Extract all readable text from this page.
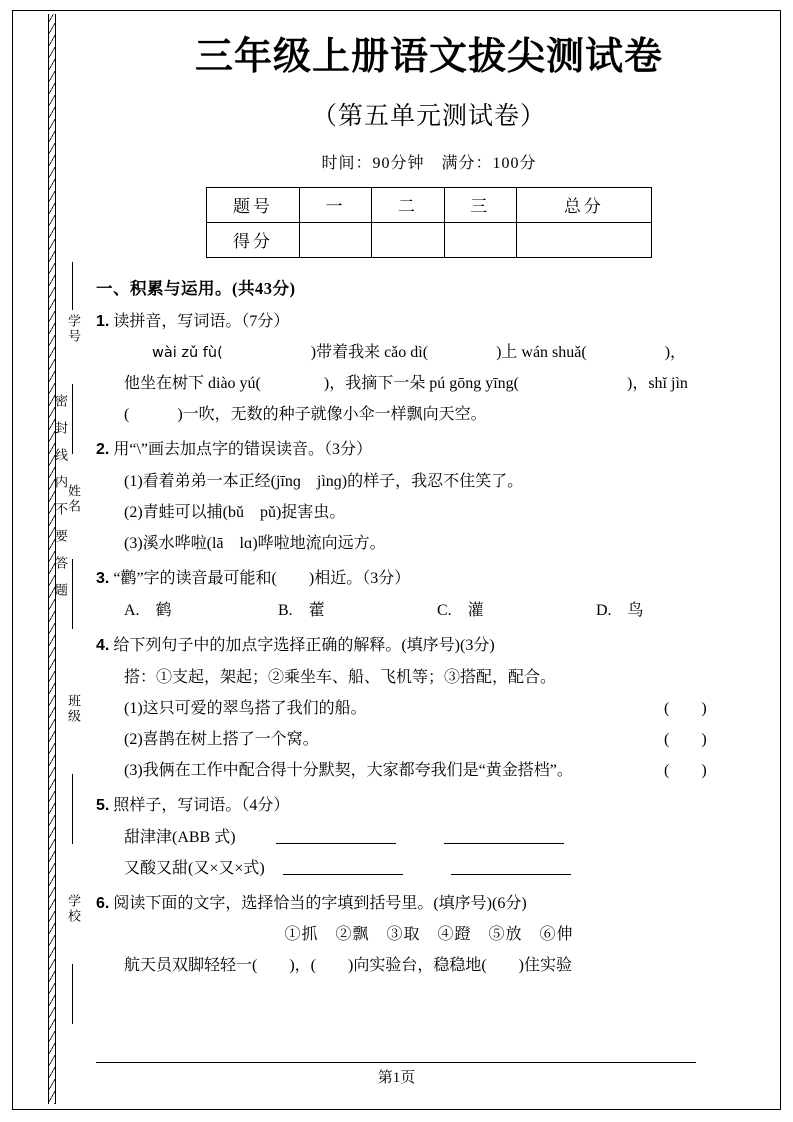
学号
姓名
班级
学校
密封线内不要答题
三年级上册语文拔尖测试卷
（第五单元测试卷）
时间：90分钟　满分：100分
题号	一	二	三	总分
得分				
一、积累与运用。(共43分)
1. 读拼音，写词语。（7分）
wài zǔ fù(	)带着我来 cǎo dì(	)上 wán shuǎ(	)，
他坐在树下 diào yú(	)，我摘下一朵 pú gōng yīng(	)，shǐ jìn
(　　　)一吹，无数的种子就像小伞一样飘向天空。
2. 用“\”画去加点字的错误读音。（3分）
(1)看着弟弟一本正经(jīnɡ　jìnɡ)的样子，我忍不住笑了。
(2)青蛙可以捕(bǔ　pǔ)捉害虫。
(3)溪水哗啦(lā　lɑ)哗啦地流向远方。
3. “鹳”字的读音最可能和(　　)相近。（3分）
A.　鹤	B.　藿	C.　灌	D.　鸟
4. 给下列句子中的加点字选择正确的解释。(填序号)(3分)
搭：①支起，架起；②乘坐车、船、飞机等；③搭配，配合。
(1)这只可爱的翠鸟搭了我们的船。	(　　)
(2)喜鹊在树上搭了一个窝。	(　　)
(3)我俩在工作中配合得十分默契，大家都夸我们是“黄金搭档”。	(　　)
5. 照样子，写词语。（4分）
甜津津(ABB 式)
又酸又甜(又×又×式)
6. 阅读下面的文字，选择恰当的字填到括号里。(填序号)(6分)
①抓　②飘　③取　④蹬　⑤放　⑥伸
航天员双脚轻轻一(　　)，(　　)向实验台，稳稳地(　　)住实验
第1页
